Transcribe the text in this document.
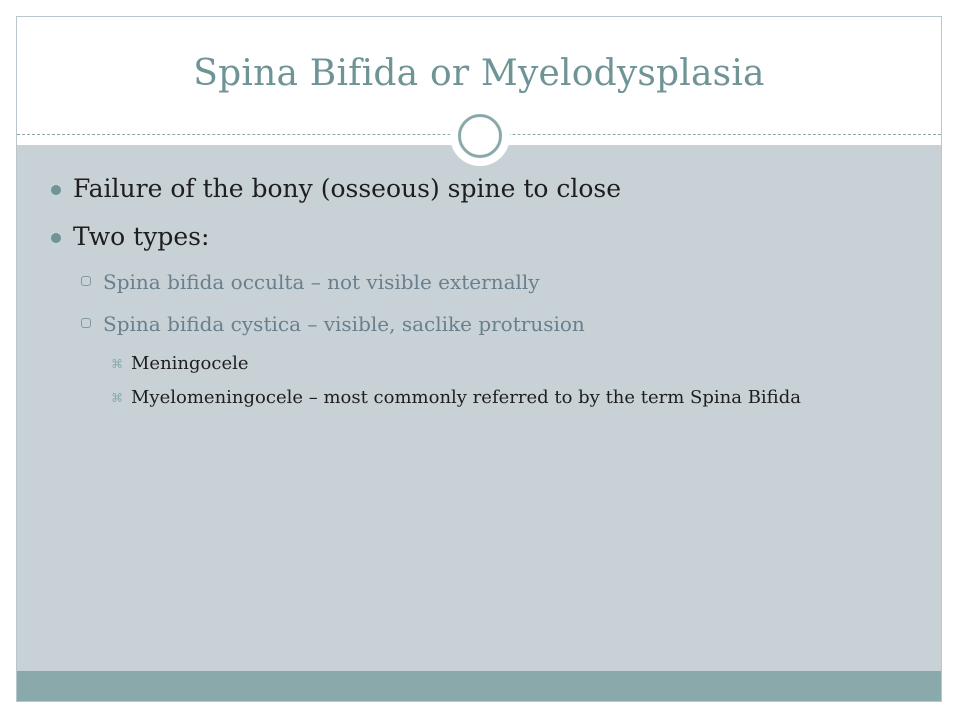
Spina Bifida or Myelodysplasia
Failure of the bony (osseous) spine to close
Two types:
Spina bifida occulta – not visible externally
Spina bifida cystica – visible, saclike protrusion
⌘ Meningocele
⌘ Myelomeningocele – most commonly referred to by the term Spina Bifida
